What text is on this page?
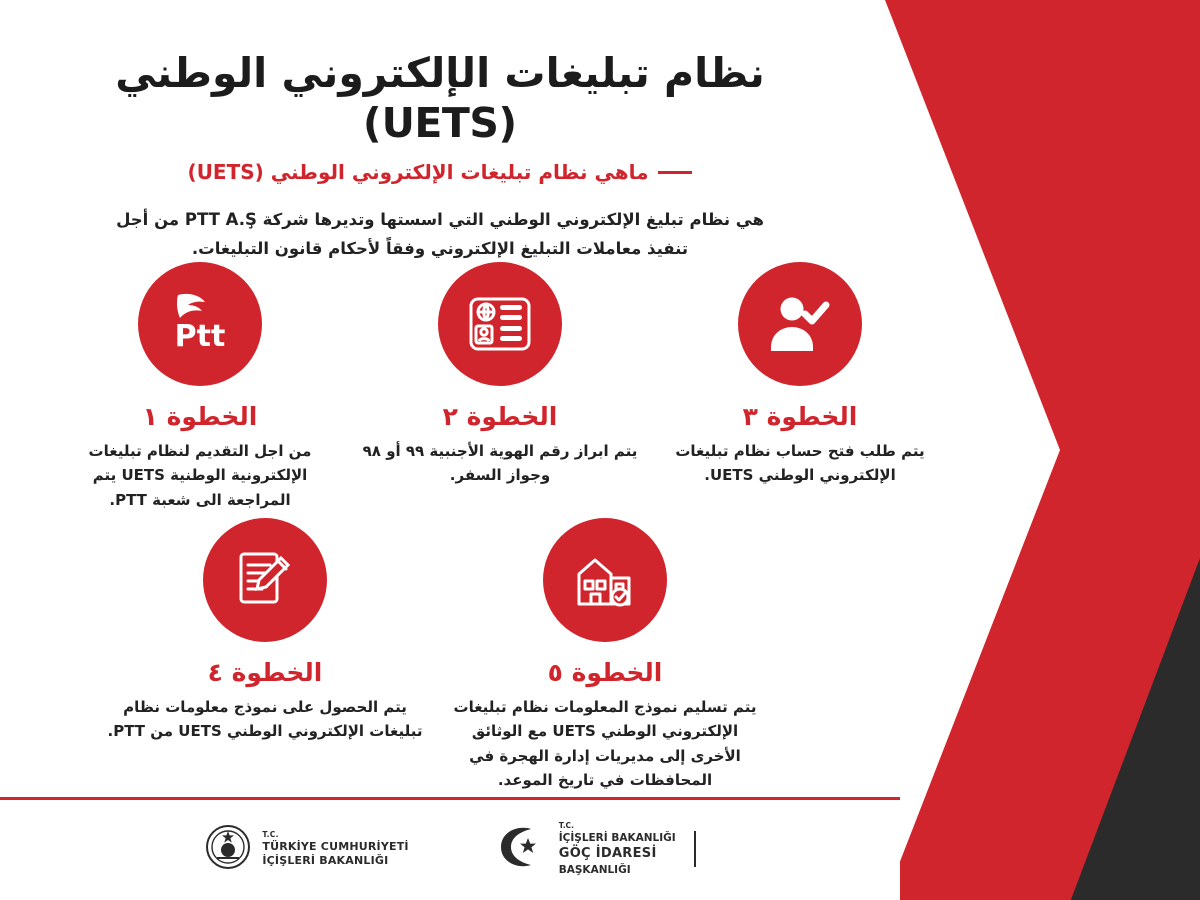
نظام تبليغات الإلكتروني الوطني (UETS)
ماهي نظام تبليغات الإلكتروني الوطني (UETS)

هي نظام تبليغ الإلكتروني الوطني التي اسستها وتديرها شركة PTT A.Ş من أجل تنفيذ معاملات التبليغ الإلكتروني وفقاً لأحكام قانون التبليغات.

الخطوة ٣
يتم طلب فتح حساب نظام تبليغات الإلكتروني الوطني UETS.
الخطوة ٢
يتم ابراز رقم الهوية الأجنبية ٩٩ أو ٩٨ وجواز السفر.
Ptt
الخطوة ١
من اجل التقديم لنظام تبليغات الإلكترونية الوطنية UETS يتم المراجعة الى شعبة PTT.
الخطوة ٥
يتم تسليم نموذج المعلومات نظام تبليغات الإلكتروني الوطني UETS مع الوثائق الأخرى إلى مديريات إدارة الهجرة في المحافظات في تاريخ الموعد.
الخطوة ٤
يتم الحصول على نموذج معلومات نظام تبليغات الإلكتروني الوطني UETS من PTT.
T.C.
TÜRKİYE CUMHURİYETİ
İÇİŞLERİ BAKANLIĞI
T.C.
İÇİŞLERİ BAKANLIĞI
GÖÇ İDARESİ
BAŞKANLIĞI
